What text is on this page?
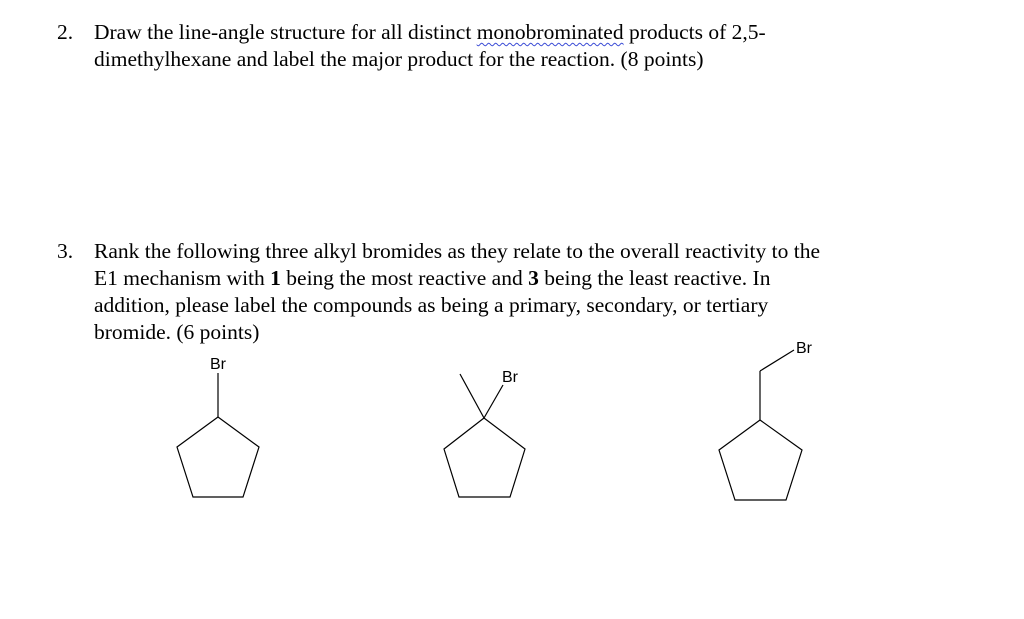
2. Draw the line-angle structure for all distinct monobrominated products of 2,5-
dimethylhexane and label the major product for the reaction. (8 points)
3. Rank the following three alkyl bromides as they relate to the overall reactivity to the
E1 mechanism with 1 being the most reactive and 3 being the least reactive. In
addition, please label the compounds as being a primary, secondary, or tertiary
bromide. (6 points)
Br
Br
Br
